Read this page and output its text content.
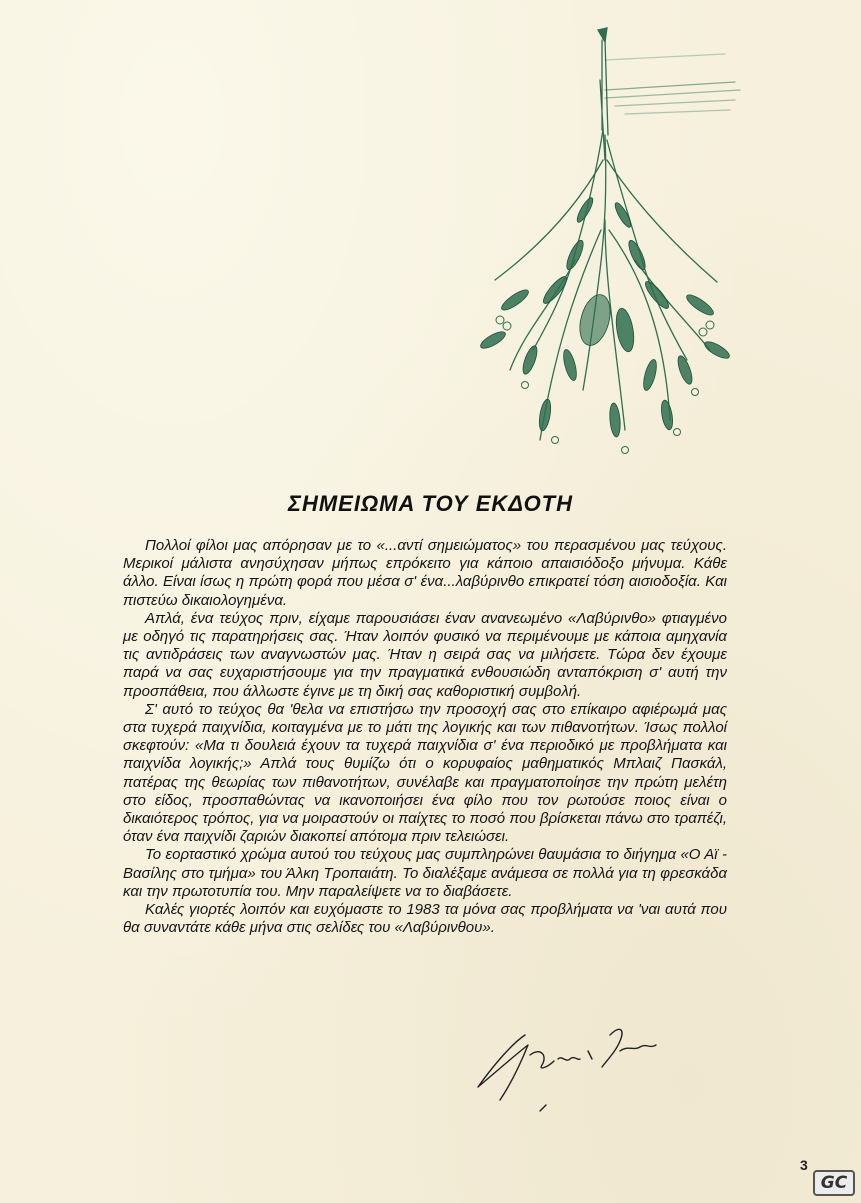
ΣΗΜΕΙΩΜΑ ΤΟΥ ΕΚΔΟΤΗ

Πολλοί φίλοι μας απόρησαν με το «...αντί σημειώματος» του περασμένου μας τεύχους. Μερικοί μάλιστα ανησύχησαν μήπως επρόκειτο για κάποιο απαισιόδοξο μήνυμα. Κάθε άλλο. Είναι ίσως η πρώτη φορά που μέσα σ' ένα...λαβύρινθο επικρατεί τόση αισιοδοξία. Και πιστεύω δικαιολογημένα.

Απλά, ένα τεύχος πριν, είχαμε παρουσιάσει έναν ανανεωμένο «Λαβύρινθο» φτιαγμένο με οδηγό τις παρατηρήσεις σας. Ήταν λοιπόν φυσικό να περιμένουμε με κάποια αμηχανία τις αντιδράσεις των αναγνωστών μας. Ήταν η σειρά σας να μιλήσετε. Τώρα δεν έχουμε παρά να σας ευχαριστήσουμε για την πραγματικά ενθουσιώδη ανταπόκριση σ' αυτή την προσπάθεια, που άλλωστε έγινε με τη δική σας καθοριστική συμβολή.

Σ' αυτό το τεύχος θα 'θελα να επιστήσω την προσοχή σας στο επίκαιρο αφιέρωμά μας στα τυχερά παιχνίδια, κοιταγμένα με το μάτι της λογικής και των πιθανοτήτων. Ίσως πολλοί σκεφτούν: «Μα τι δουλειά έχουν τα τυχερά παιχνίδια σ' ένα περιοδικό με προβλήματα και παιχνίδα λογικής;» Απλά τους θυμίζω ότι ο κορυφαίος μαθηματικός Μπλαιζ Πασκάλ, πατέρας της θεωρίας των πιθανοτήτων, συνέλαβε και πραγματοποίησε την πρώτη μελέτη στο είδος, προσπαθώντας να ικανοποιήσει ένα φίλο που τον ρωτούσε ποιος είναι ο δικαιότερος τρόπος, για να μοιραστούν οι παίχτες το ποσό που βρίσκεται πάνω στο τραπέζι, όταν ένα παιχνίδι ζαριών διακοπεί απότομα πριν τελειώσει.

Το εορταστικό χρώμα αυτού του τεύχους μας συμπληρώνει θαυμάσια το διήγημα «Ο Αϊ - Βασίλης στο τμήμα» του Άλκη Τροπαιάτη. Το διαλέξαμε ανάμεσα σε πολλά για τη φρεσκάδα και την πρωτοτυπία του. Μην παραλείψετε να το διαβάσετε.

Καλές γιορτές λοιπόν και ευχόμαστε το 1983 τα μόνα σας προβλήματα να 'ναι αυτά που θα συναντάτε κάθε μήνα στις σελίδες του «Λαβύρινθου».

3
GC
